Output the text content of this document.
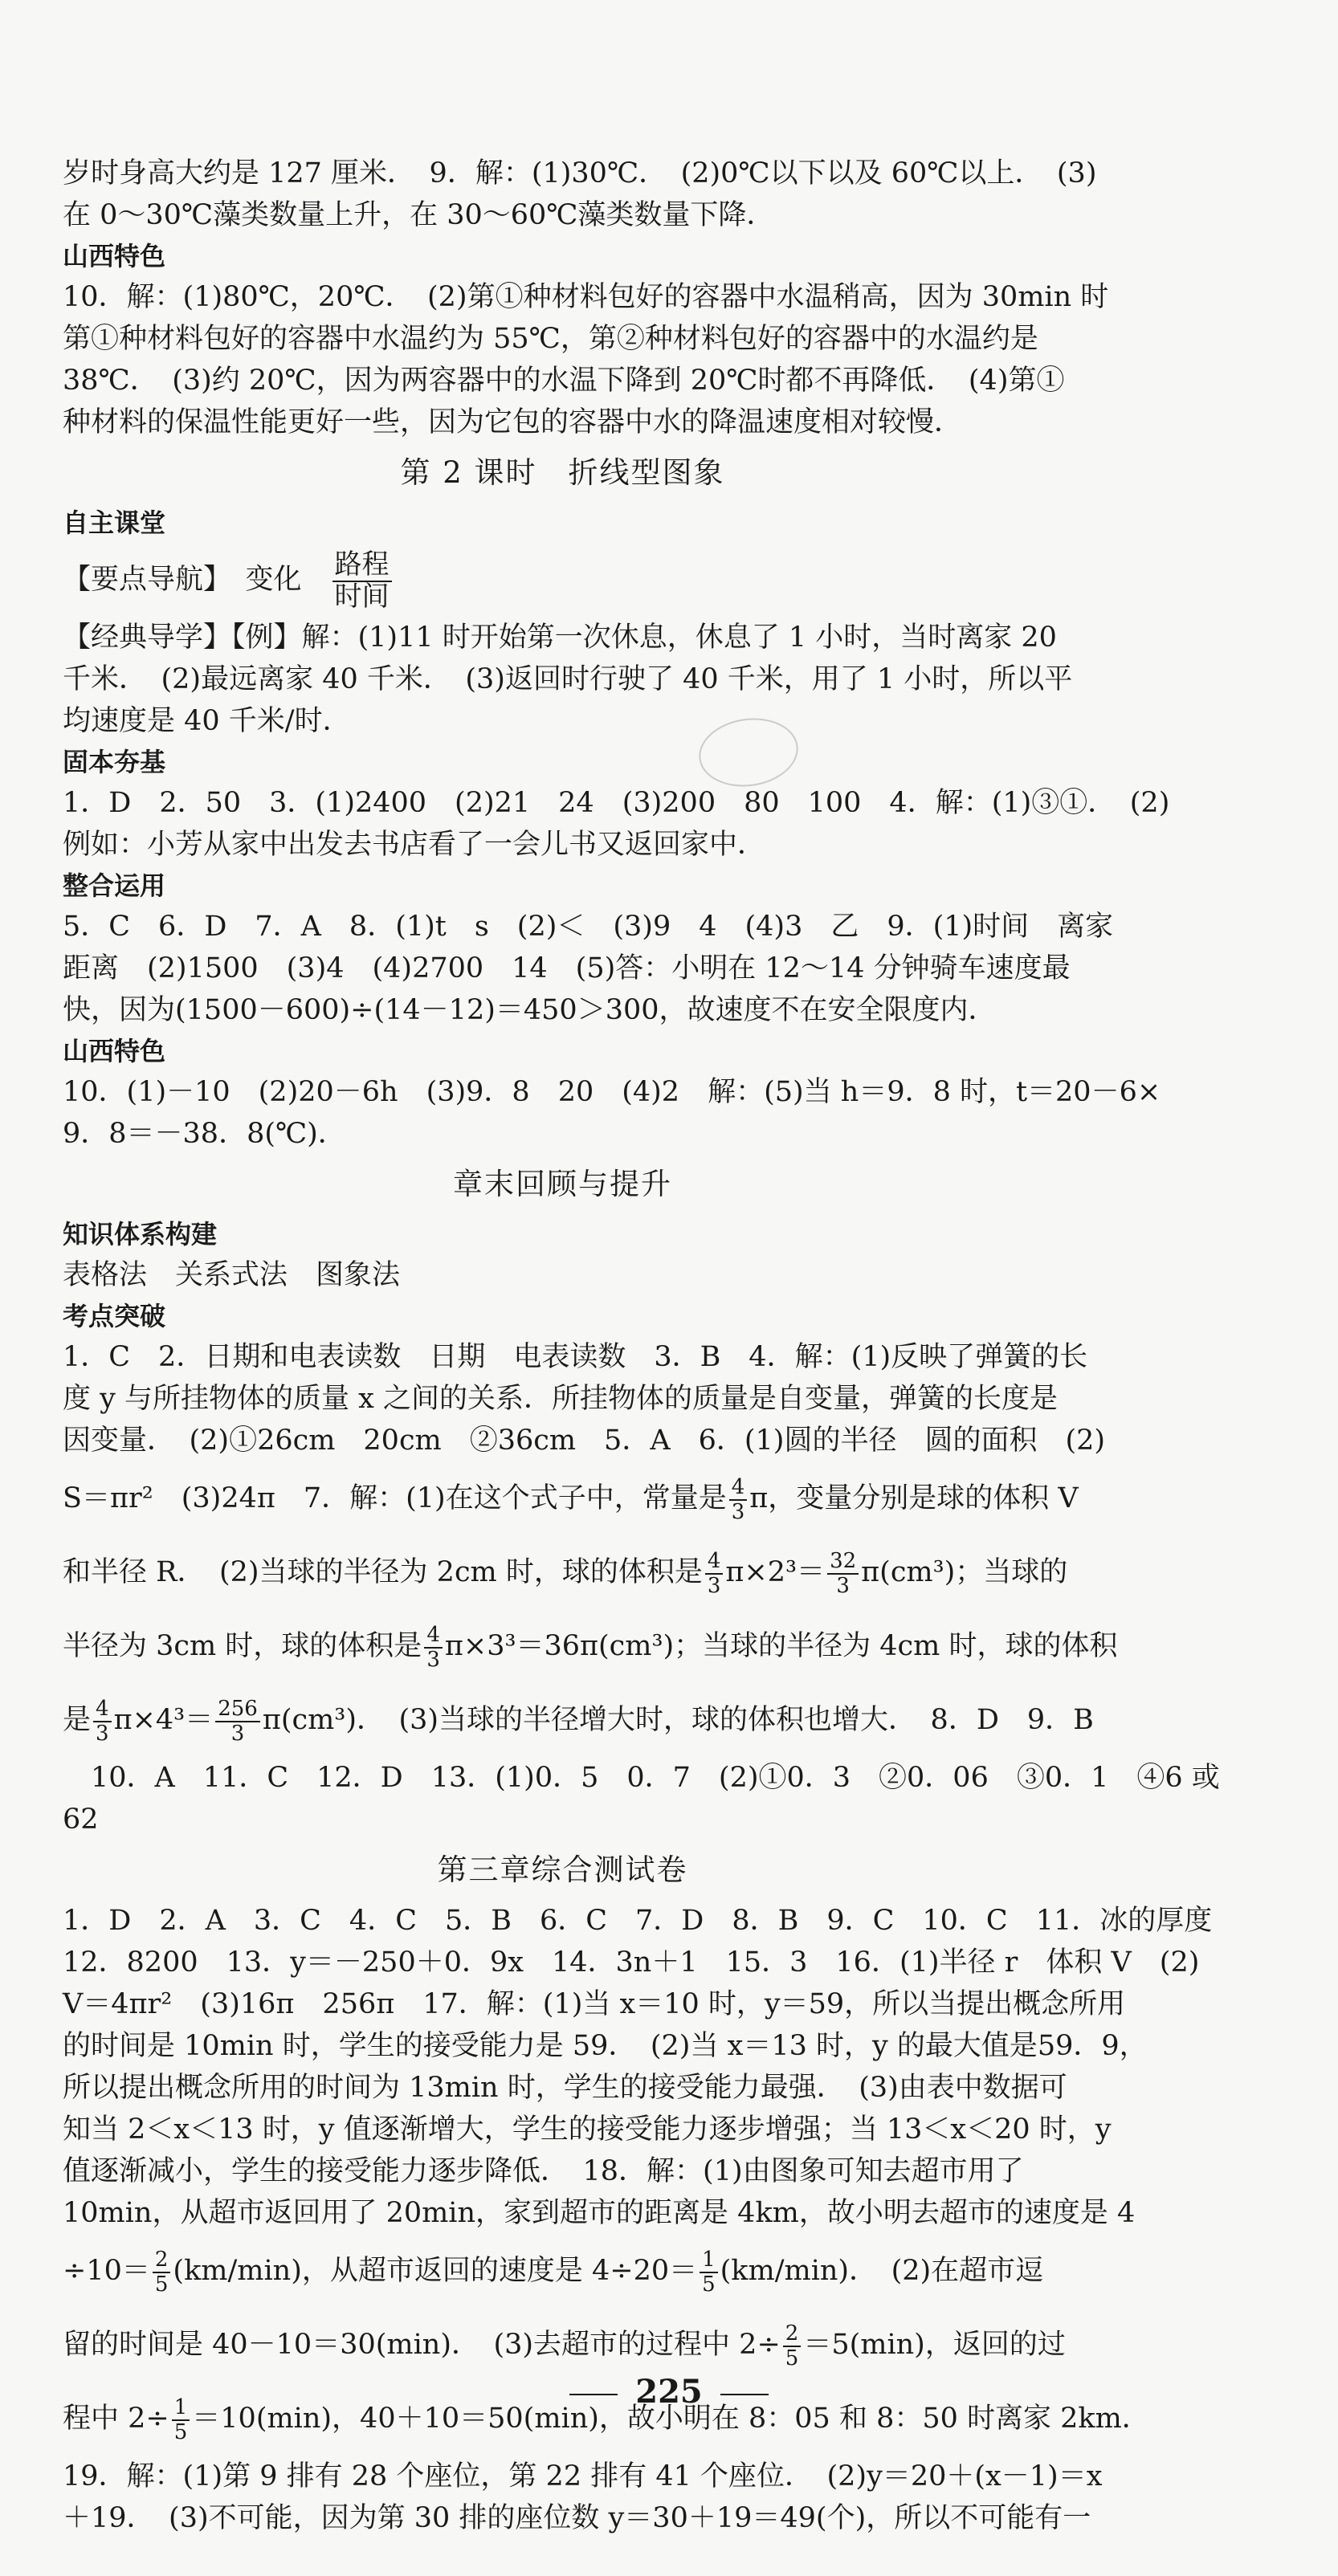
岁时身高大约是 127 厘米．　9．解：(1)30℃．　(2)0℃以下以及 60℃以上．　(3)
在 0～30℃藻类数量上升，在 30～60℃藻类数量下降．
山西特色
10．解：(1)80℃，20℃．　(2)第①种材料包好的容器中水温稍高，因为 30min 时
第①种材料包好的容器中水温约为 55℃，第②种材料包好的容器中的水温约是
38℃．　(3)约 20℃，因为两容器中的水温下降到 20℃时都不再降低．　(4)第①
种材料的保温性能更好一些，因为它包的容器中水的降温速度相对较慢．
第 2 课时　折线型图象
自主课堂
【要点导航】　变化　 $\frac{\text{路程}}{\text{时间}}$
【经典导学】【例】解：(1)11 时开始第一次休息，休息了 1 小时，当时离家 20
千米．　(2)最远离家 40 千米．　(3)返回时行驶了 40 千米，用了 1 小时，所以平
均速度是 40 千米/时．
固本夯基
1．D　2．50　3．(1)2400　(2)21　24　(3)200　80　100　4．解：(1)③①．　(2)
例如：小芳从家中出发去书店看了一会儿书又返回家中．
整合运用
5．C　6．D　7．A　8．(1)t　s　(2)＜　(3)9　4　(4)3　乙　9．(1)时间　离家
距离　(2)1500　(3)4　(4)2700　14　(5)答：小明在 12～14 分钟骑车速度最
快，因为(1500－600)÷(14－12)＝450＞300，故速度不在安全限度内．
山西特色
10．(1)－10　(2)20－6h　(3)9．8　20　(4)2　解：(5)当 h＝9．8 时，t＝20－6×
9．8＝－38．8(℃)．
章末回顾与提升
知识体系构建
表格法　关系式法　图象法
考点突破
1．C　2．日期和电表读数　日期　电表读数　3．B　4．解：(1)反映了弹簧的长
度 y 与所挂物体的质量 x 之间的关系．所挂物体的质量是自变量，弹簧的长度是
因变量．　(2)①26cm　20cm　②36cm　5．A　6．(1)圆的半径　圆的面积　(2)
S＝πr²　(3)24π　7．解：(1)在这个式子中，常量是 $\frac{4}{3}$ π，变量分别是球的体积 V
和半径 R．　(2)当球的半径为 2cm 时，球的体积是 $\frac{4}{3} \pi\times 2^3= \frac{32}{3} \pi(cm^3)$；当球的
半径为 3cm 时，球的体积是 $\frac{4}{3} \pi\times 3^3=36\pi(cm^3)$；当球的半径为 4cm 时，球的体积
是 $\frac{4}{3} \pi\times 4^3= \frac{256}{3} \pi(cm^3)$．　(3)当球的半径增大时，球的体积也增大．　8．D　9．B
　10．A　11．C　12．D　13．(1)0．5　0．7　(2)①0．3　②0．06　③0．1　④6 或
62
第三章综合测试卷
1．D　2．A　3．C　4．C　5．B　6．C　7．D　8．B　9．C　10．C　11．冰的厚度
12．8200　13．y＝－250＋0．9x　14．3n＋1　15．3　16．(1)半径 r　体积 V　(2)
V＝4πr²　(3)16π　256π　17．解：(1)当 x＝10 时，y＝59，所以当提出概念所用
的时间是 10min 时，学生的接受能力是 59．　(2)当 x＝13 时，y 的最大值是59．9，
所以提出概念所用的时间为 13min 时，学生的接受能力最强．　(3)由表中数据可
知当 2＜x＜13 时，y 值逐渐增大，学生的接受能力逐步增强；当 13＜x＜20 时，y
值逐渐减小，学生的接受能力逐步降低．　18．解：(1)由图象可知去超市用了
10min，从超市返回用了 20min，家到超市的距离是 4km，故小明去超市的速度是 4
$\div 10= \frac{2}{5} (km/\min)$，从超市返回的速度是 $4\div 20= \frac{1}{5} (km/\min)$．　(2)在超市逗
留的时间是 40－10＝30(min)．　(3)去超市的过程中 $2\div \frac{2}{5} =5(\min)$，返回的过
程中 $2\div \frac{1}{5} =10(\min)$，40＋10＝50(min)，故小明在 8：05 和 8：50 时离家 2km．
19．解：(1)第 9 排有 28 个座位，第 22 排有 41 个座位．　(2)y＝20＋(x－1)＝x
＋19．　(3)不可能，因为第 30 排的座位数 y＝30＋19＝49(个)，所以不可能有一
225
